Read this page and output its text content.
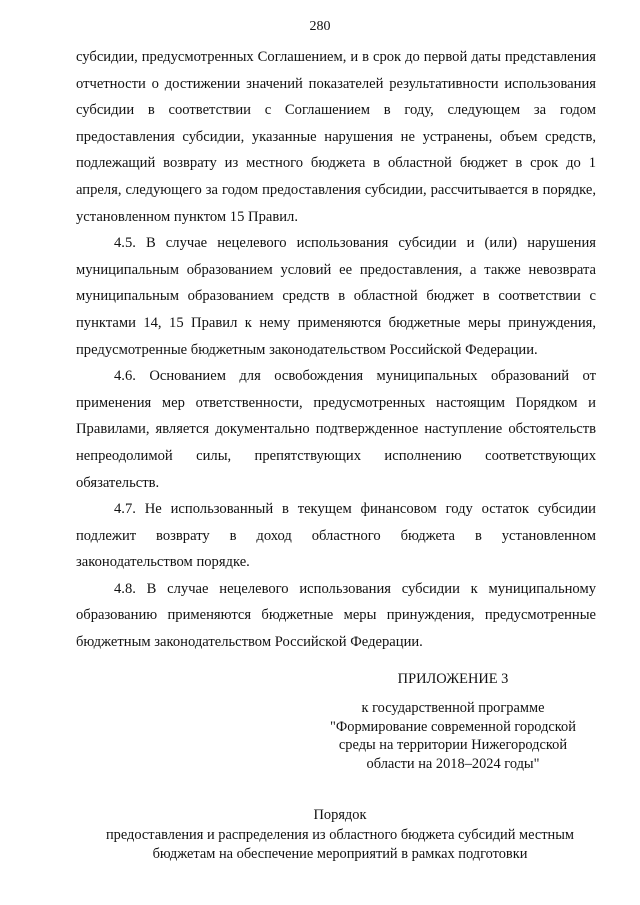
280

субсидии, предусмотренных Соглашением, и в срок до первой даты представления отчетности о достижении значений показателей результативности использования субсидии в соответствии с Соглашением в году, следующем за годом предоставления субсидии, указанные нарушения не устранены, объем средств, подлежащий возврату из местного бюджета в областной бюджет в срок до 1 апреля, следующего за годом предоставления субсидии, рассчитывается в порядке, установленном пунктом 15 Правил.

4.5. В случае нецелевого использования субсидии и (или) нарушения муниципальным образованием условий ее предоставления, а также невозврата муниципальным образованием средств в областной бюджет в соответствии с пунктами 14, 15 Правил к нему применяются бюджетные меры принуждения, предусмотренные бюджетным законодательством Российской Федерации.

4.6. Основанием для освобождения муниципальных образований от применения мер ответственности, предусмотренных настоящим Порядком и Правилами, является документально подтвержденное наступление обстоятельств непреодолимой силы, препятствующих исполнению соответствующих обязательств.

4.7. Не использованный в текущем финансовом году остаток субсидии подлежит возврату в доход областного бюджета в установленном законодательством порядке.

4.8. В случае нецелевого использования субсидии к муниципальному образованию применяются бюджетные меры принуждения, предусмотренные бюджетным законодательством Российской Федерации.

ПРИЛОЖЕНИЕ 3
к государственной программе
"Формирование современной городской
среды на территории Нижегородской
области на 2018–2024 годы"
Порядок
предоставления и распределения из областного бюджета субсидий местным
бюджетам на обеспечение мероприятий в рамках подготовки
